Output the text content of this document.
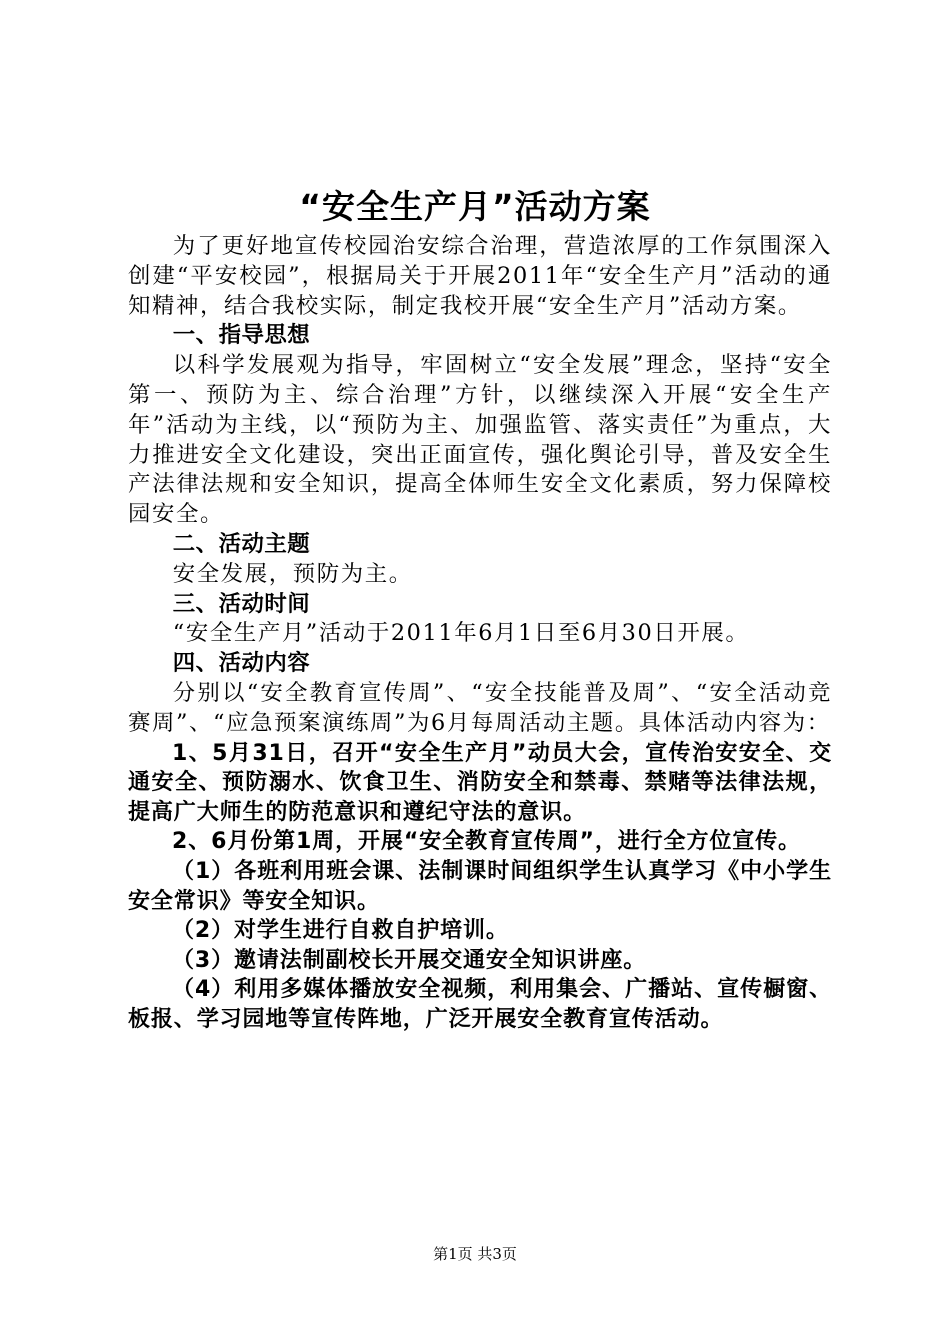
“安全生产月”活动方案

为了更好地宣传校园治安综合治理，营造浓厚的工作氛围深入创建“平安校园”，根据局关于开展2011年“安全生产月”活动的通知精神，结合我校实际，制定我校开展“安全生产月”活动方案。

一、指导思想

以科学发展观为指导，牢固树立“安全发展”理念，坚持“安全第一、预防为主、综合治理”方针，以继续深入开展“安全生产年”活动为主线，以“预防为主、加强监管、落实责任”为重点，大力推进安全文化建设，突出正面宣传，强化舆论引导，普及安全生产法律法规和安全知识，提高全体师生安全文化素质，努力保障校园安全。

二、活动主题

安全发展，预防为主。

三、活动时间

“安全生产月”活动于2011年6月1日至6月30日开展。

四、活动内容

分别以“安全教育宣传周”、“安全技能普及周”、“安全活动竞赛周”、“应急预案演练周”为6月每周活动主题。具体活动内容为：

1、5月31日，召开“安全生产月”动员大会，宣传治安安全、交通安全、预防溺水、饮食卫生、消防安全和禁毒、禁赌等法律法规，提高广大师生的防范意识和遵纪守法的意识。

2、6月份第1周，开展“安全教育宣传周”，进行全方位宣传。

（1）各班利用班会课、法制课时间组织学生认真学习《中小学生安全常识》等安全知识。

（2）对学生进行自救自护培训。

（3）邀请法制副校长开展交通安全知识讲座。

（4）利用多媒体播放安全视频，利用集会、广播站、宣传橱窗、板报、学习园地等宣传阵地，广泛开展安全教育宣传活动。

第1页 共3页
